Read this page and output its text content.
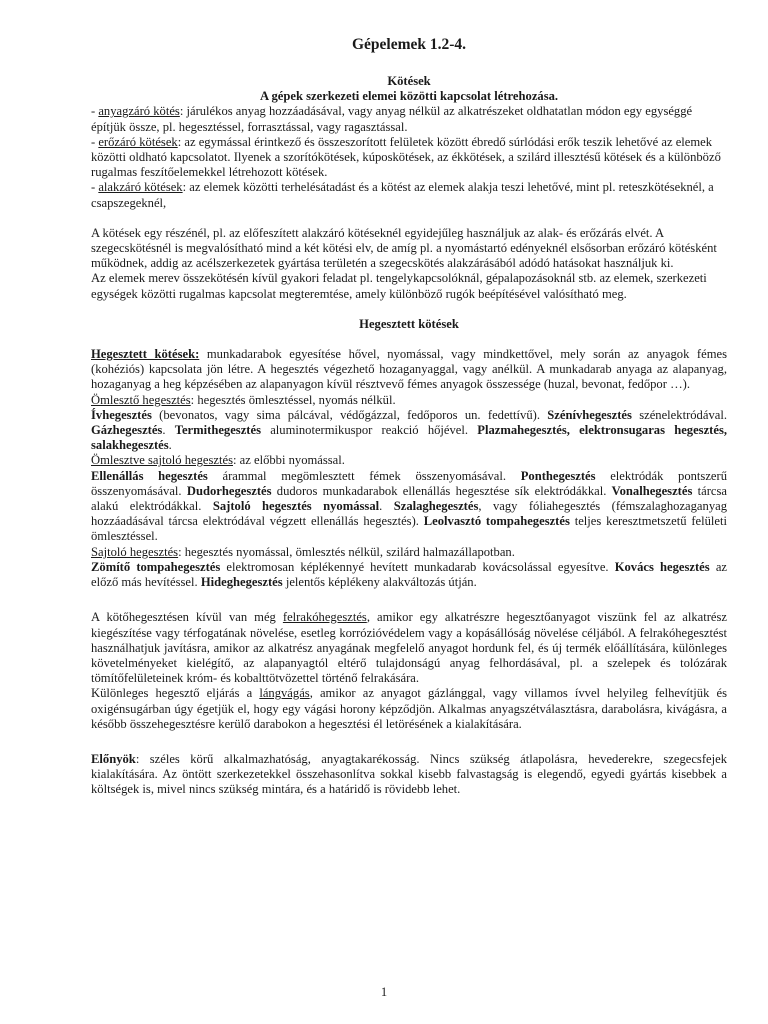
Gépelemek 1.2-4.
Kötések
A gépek szerkezeti elemei közötti kapcsolat létrehozása.

- anyagzáró kötés: járulékos anyag hozzáadásával, vagy anyag nélkül az alkatrészeket oldhatatlan módon egy egységgé építjük össze, pl. hegesztéssel, forrasztással, vagy ragasztással.

- erőzáró kötések: az egymással érintkező és összeszorított felületek között ébredő súrlódási erők teszik lehetővé az elemek közötti oldható kapcsolatot. Ilyenek a szorítókötések, kúposkötések, az ékkötések, a szilárd illesztésű kötések és a különböző rugalmas feszítőelemekkel létrehozott kötések.

- alakzáró kötések: az elemek közötti terhelésátadást és a kötést az elemek alakja teszi lehetővé, mint pl. reteszkötéseknél, a csapszegeknél,

A kötések egy részénél, pl. az előfeszített alakzáró kötéseknél egyidejűleg használjuk az alak- és erőzárás elvét. A szegecskötésnél is megvalósítható mind a két kötési elv, de amíg pl. a nyomástartó edényeknél elsősorban erőzáró kötésként működnek, addig az acélszerkezetek gyártása területén a szegecskötés alakzárásából adódó hatásokat használjuk ki.

Az elemek merev összekötésén kívül gyakori feladat pl. tengelykapcsolóknál, gépalapozásoknál stb. az elemek, szerkezeti egységek közötti rugalmas kapcsolat megteremtése, amely különböző rugók beépítésével valósítható meg.

Hegesztett kötések

Hegesztett kötések: munkadarabok egyesítése hővel, nyomással, vagy mindkettővel, mely során az anyagok fémes (kohéziós) kapcsolata jön létre. A hegesztés végezhető hozaganyaggal, vagy anélkül. A munkadarab anyaga az alapanyag, hozaganyag a heg képzésében az alapanyagon kívül résztvevő fémes anyagok összessége (huzal, bevonat, fedőpor …).

Ömlesztő hegesztés: hegesztés ömlesztéssel, nyomás nélkül.

Ívhegesztés (bevonatos, vagy sima pálcával, védőgázzal, fedőporos un. fedettívű). Szénívhegesztés szénelektródával. Gázhegesztés. Termithegesztés aluminotermikuspor reakció hőjével. Plazmahegesztés, elektronsugaras hegesztés, salakhegesztés.

Ömlesztve sajtoló hegesztés: az előbbi nyomással.

Ellenállás hegesztés árammal megömlesztett fémek összenyomásával. Ponthegesztés elektródák pontszerű összenyomásával. Dudorhegesztés dudoros munkadarabok ellenállás hegesztése sík elektródákkal. Vonalhegesztés tárcsa alakú elektródákkal. Sajtoló hegesztés nyomással. Szalaghegesztés, vagy fóliahegesztés (fémszalaghozaganyag hozzáadásával tárcsa elektródával végzett ellenállás hegesztés). Leolvasztó tompahegesztés teljes keresztmetszetű felületi ömlesztéssel.

Sajtoló hegesztés: hegesztés nyomással, ömlesztés nélkül, szilárd halmazállapotban.

Zömítő tompahegesztés elektromosan képlékennyé hevített munkadarab kovácsolással egyesítve. Kovács hegesztés az előző más hevítéssel. Hideghegesztés jelentős képlékeny alakváltozás útján.

A kötőhegesztésen kívül van még felrakóhegesztés, amikor egy alkatrészre hegesztőanyagot viszünk fel az alkatrész kiegészítése vagy térfogatának növelése, esetleg korrózióvédelem vagy a kopásállóság növelése céljából. A felrakóhegesztést használhatjuk javításra, amikor az alkatrész anyagának megfelelő anyagot hordunk fel, és új termék előállítására, különleges követelményeket kielégítő, az alapanyagtól eltérő tulajdonságú anyag felhordásával, pl. a szelepek és tolózárak tömítőfelületeinek króm- és kobalttötvözettel történő felrakására.

Különleges hegesztő eljárás a lángvágás, amikor az anyagot gázlánggal, vagy villamos ívvel helyileg felhevítjük és oxigénsugárban úgy égetjük el, hogy egy vágási horony képződjön. Alkalmas anyagszétválasztásra, darabolásra, kivágásra, a később összehegesztésre kerülő darabokon a hegesztési él letörésének a kialakítására.

Előnyök: széles körű alkalmazhatóság, anyagtakarékosság. Nincs szükség átlapolásra, hevederekre, szegecsfejek kialakítására. Az öntött szerkezetekkel összehasonlítva sokkal kisebb falvastagság is elegendő, egyedi gyártás kisebbek a költségek is, mivel nincs szükség mintára, és a határidő is rövidebb lehet.

1
